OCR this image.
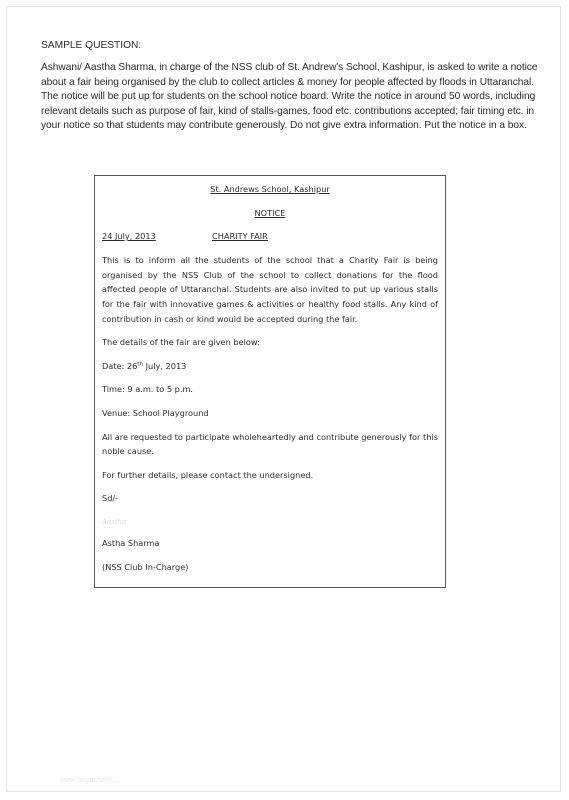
SAMPLE QUESTION:
Ashwani/ Aastha Sharma, in charge of the NSS club of St. Andrew's School, Kashipur, is asked to write a notice about a fair being organised by the club to collect articles & money for people affected by floods in Uttaranchal. The notice will be put up for students on the school notice board. Write the notice in around 50 words, including relevant details such as purpose of fair, kind of stalls-games, food etc. contributions accepted; fair timing etc. in your notice so that students may contribute generously. Do not give extra information. Put the notice in a box.
St. Andrews School, Kashipur
NOTICE
24 July, 2013	CHARITY FAIR
This is to inform all the students of the school that a Charity Fair is being organised by the NSS Club of the school to collect donations for the flood affected people of Uttaranchal. Students are also invited to put up various stalls for the fair with innovative games & activities or healthy food stalls. Any kind of contribution in cash or kind would be accepted during the fair.
The details of the fair are given below:
Date: 26th July, 2013
Time: 9 a.m. to 5 p.m.
Venue: School Playground
All are requested to participate wholeheartedly and contribute generously for this noble cause.
For further details, please contact the undersigned.
Sd/-
Aastha
Astha Sharma
(NSS Club In-Charge)
www.hvgasheet....
